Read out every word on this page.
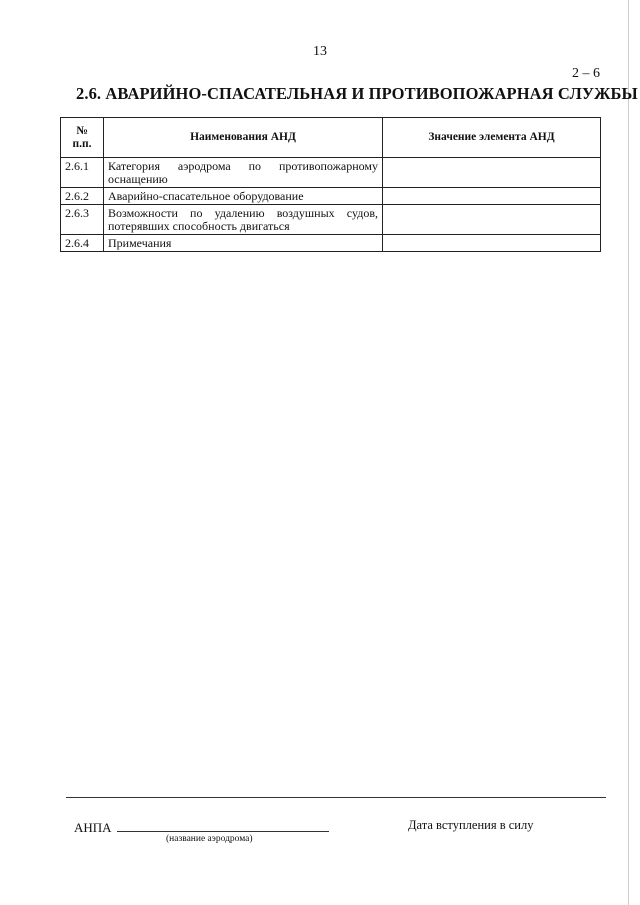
13
2 – 6
2.6. АВАРИЙНО-СПАСАТЕЛЬНАЯ И ПРОТИВОПОЖАРНАЯ СЛУЖБЫ
№
п.п.	Наименования АНД	Значение элемента АНД
2.6.1	Категория аэродрома по противопожарному оснащению	
2.6.2	Аварийно-спасательное оборудование	
2.6.3	Возможности по удалению воздушных судов, потерявших способность двигаться	
2.6.4	Примечания	
АНПА
(название аэродрома)
Дата вступления в силу
